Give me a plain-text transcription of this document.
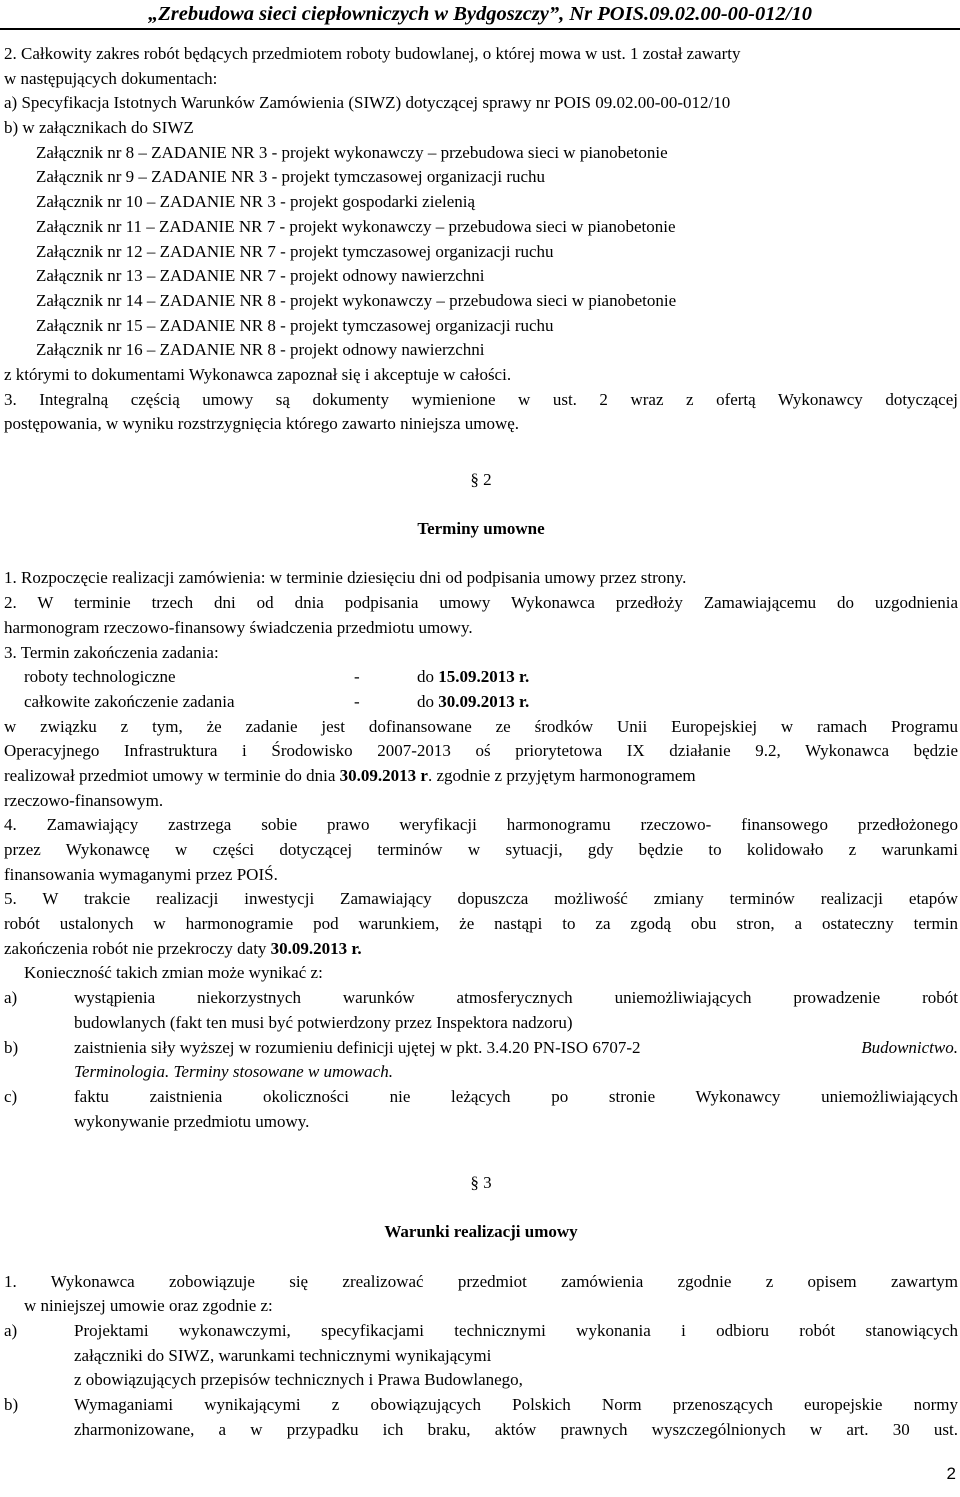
„Zrebudowa sieci ciepłowniczych w Bydgoszczy”, Nr POIS.09.02.00-00-012/10
2. Całkowity zakres robót będących przedmiotem roboty budowlanej, o której mowa w ust. 1 został zawarty
w następujących dokumentach:
a) Specyfikacja Istotnych Warunków Zamówienia (SIWZ) dotyczącej sprawy nr POIS 09.02.00-00-012/10
b) w załącznikach do SIWZ
Załącznik nr 8 – ZADANIE NR 3 - projekt wykonawczy – przebudowa sieci w pianobetonie
Załącznik nr 9 – ZADANIE NR 3 - projekt tymczasowej organizacji ruchu
Załącznik nr 10 – ZADANIE NR 3 - projekt gospodarki zielenią
Załącznik nr 11 – ZADANIE NR 7 - projekt wykonawczy – przebudowa sieci w pianobetonie
Załącznik nr 12 – ZADANIE NR 7 - projekt tymczasowej organizacji ruchu
Załącznik nr 13 – ZADANIE NR 7 - projekt odnowy nawierzchni
Załącznik nr 14 – ZADANIE NR 8 - projekt wykonawczy – przebudowa sieci w pianobetonie
Załącznik nr 15 – ZADANIE NR 8 - projekt tymczasowej organizacji ruchu
Załącznik nr 16 – ZADANIE NR 8 - projekt odnowy nawierzchni
z którymi to dokumentami Wykonawca zapoznał się i akceptuje w całości.
3. Integralną częścią umowy są dokumenty wymienione w ust. 2 wraz z ofertą Wykonawcy dotyczącej
postępowania, w wyniku rozstrzygnięcia którego zawarto niniejsza umowę.
§ 2
Terminy umowne
1. Rozpoczęcie realizacji zamówienia: w terminie dziesięciu dni od podpisania umowy przez strony.
2. W terminie trzech dni od dnia podpisania umowy Wykonawca przedłoży Zamawiającemu do uzgodnienia
harmonogram rzeczowo-finansowy świadczenia przedmiotu umowy.
3. Termin zakończenia zadania:
roboty technologiczne	-	do 15.09.2013 r.
całkowite zakończenie zadania	-	do 30.09.2013 r.
w związku z tym, że zadanie jest dofinansowane ze środków Unii Europejskiej w ramach Programu
Operacyjnego Infrastruktura i Środowisko 2007-2013 oś priorytetowa IX działanie 9.2, Wykonawca będzie
realizował przedmiot umowy w terminie do dnia 30.09.2013 r . zgodnie z przyjętym harmonogramem
rzeczowo-finansowym.
4. Zamawiający zastrzega sobie prawo weryfikacji harmonogramu rzeczowo- finansowego przedłożonego
przez Wykonawcę w części dotyczącej terminów w sytuacji, gdy będzie to kolidowało z warunkami
finansowania wymaganymi przez POIŚ.
5. W trakcie realizacji inwestycji Zamawiający dopuszcza możliwość zmiany terminów realizacji etapów
robót ustalonych w harmonogramie pod warunkiem, że nastąpi to za zgodą obu stron, a ostateczny termin
zakończenia robót nie przekroczy daty 30.09.2013 r.
Konieczność takich zmian może wynikać z:
a)	wystąpienia niekorzystnych warunków atmosferycznych uniemożliwiających prowadzenie robót
budowlanych (fakt ten musi być potwierdzony przez Inspektora nadzoru)
b)	zaistnienia siły wyższej w rozumieniu definicji ujętej w pkt. 3.4.20 PN-ISO 6707-2	Budownictwo.
Terminologia. Terminy stosowane w umowach.
c)	faktu zaistnienia okoliczności nie leżących po stronie Wykonawcy uniemożliwiających
wykonywanie przedmiotu umowy.
§ 3
Warunki realizacji umowy
1. Wykonawca zobowiązuje się zrealizować przedmiot zamówienia zgodnie z opisem zawartym
w niniejszej umowie oraz zgodnie z:
a)	Projektami wykonawczymi, specyfikacjami technicznymi wykonania i odbioru robót stanowiących
załączniki do SIWZ, warunkami technicznymi wynikającymi
z obowiązujących przepisów technicznych i Prawa Budowlanego,
b)	Wymaganiami wynikającymi z obowiązujących Polskich Norm przenoszących europejskie normy
zharmonizowane, a w przypadku ich braku, aktów prawnych wyszczególnionych w art. 30 ust.
2
